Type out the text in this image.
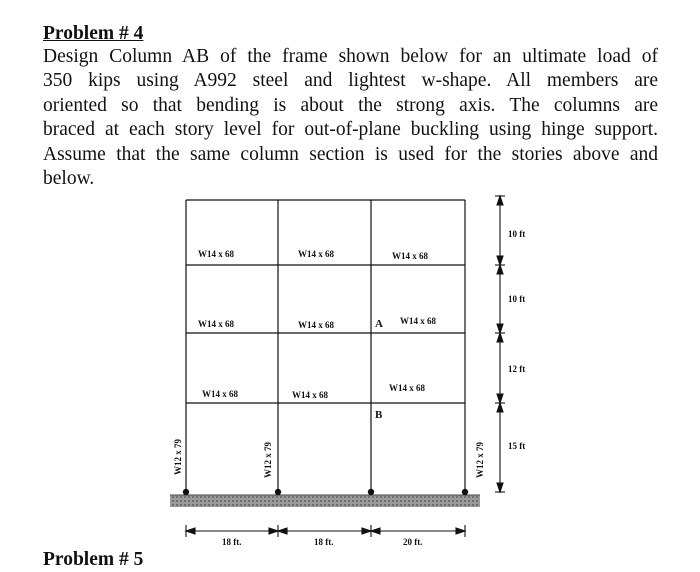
Problem # 4
Design Column AB of the frame shown below for an ultimate load of
350 kips using A992 steel and lightest w-shape. All members are
oriented so that bending is about the strong axis. The columns are
braced at each story level for out-of-plane buckling using hinge support.
Assume that the same column section is used for the stories above and
below.
W14 x 68	W14 x 68	W14 x 68
W14 x 68	W14 x 68	W14 x 68
W14 x 68	W14 x 68
W14 x 68
A
B
W12 x 79	W12 x 79	W12 x 79
10 ft
10 ft
12 ft
15 ft
18 ft.	18 ft.	20 ft.
Problem # 5
